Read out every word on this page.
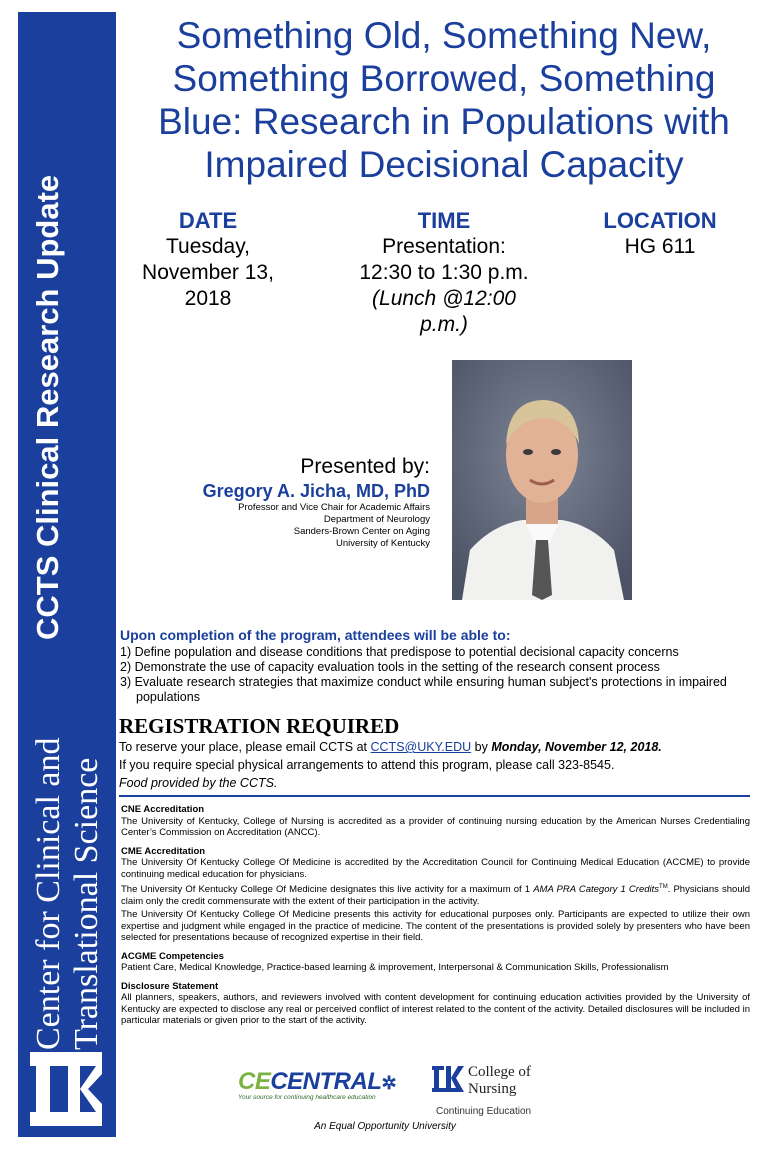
CCTS Clinical Research Update
Center for Clinical and Translational Science
Something Old, Something New,
Something Borrowed, Something
Blue: Research in Populations with
Impaired Decisional Capacity
DATE
Tuesday,
November 13,
2018
TIME
Presentation:
12:30 to 1:30 p.m.
(Lunch @12:00
p.m.)
LOCATION
HG 611
Presented by:
Gregory A. Jicha, MD, PhD
Professor and Vice Chair for Academic Affairs
Department of Neurology
Sanders-Brown Center on Aging
University of Kentucky
Upon completion of the program, attendees will be able to:
1) Define population and disease conditions that predispose to potential decisional capacity concerns
2) Demonstrate the use of capacity evaluation tools in the setting of the research consent process
3) Evaluate research strategies that maximize conduct while ensuring human subject's protections in impaired populations
REGISTRATION REQUIRED
To reserve your place, please email CCTS at CCTS@UKY.EDU by Monday, November 12, 2018.
If you require special physical arrangements to attend this program, please call 323-8545.
Food provided by the CCTS.
CNE Accreditation

The University of Kentucky, College of Nursing is accredited as a provider of continuing nursing education by the American Nurses Credentialing Center’s Commission on Accreditation (ANCC).

CME Accreditation

The University Of Kentucky College Of Medicine is accredited by the Accreditation Council for Continuing Medical Education (ACCME) to provide continuing medical education for physicians.

The University Of Kentucky College Of Medicine designates this live activity for a maximum of 1 AMA PRA Category 1 Credits™. Physicians should claim only the credit commensurate with the extent of their participation in the activity.

The University Of Kentucky College Of Medicine presents this activity for educational purposes only. Participants are expected to utilize their own expertise and judgment while engaged in the practice of medicine. The content of the presentations is provided solely by presenters who have been selected for presentations because of recognized expertise in their field.

ACGME Competencies

Patient Care, Medical Knowledge, Practice-based learning & improvement, Interpersonal & Communication Skills, Professionalism

Disclosure Statement

All planners, speakers, authors, and reviewers involved with content development for continuing education activities provided by the University of Kentucky are expected to disclose any real or perceived conflict of interest related to the content of the activity. Detailed disclosures will be included in particular materials or given prior to the start of the activity.

CECENTRAL✲
Your source for continuing healthcare education
College of
Nursing
Continuing Education
An Equal Opportunity University
